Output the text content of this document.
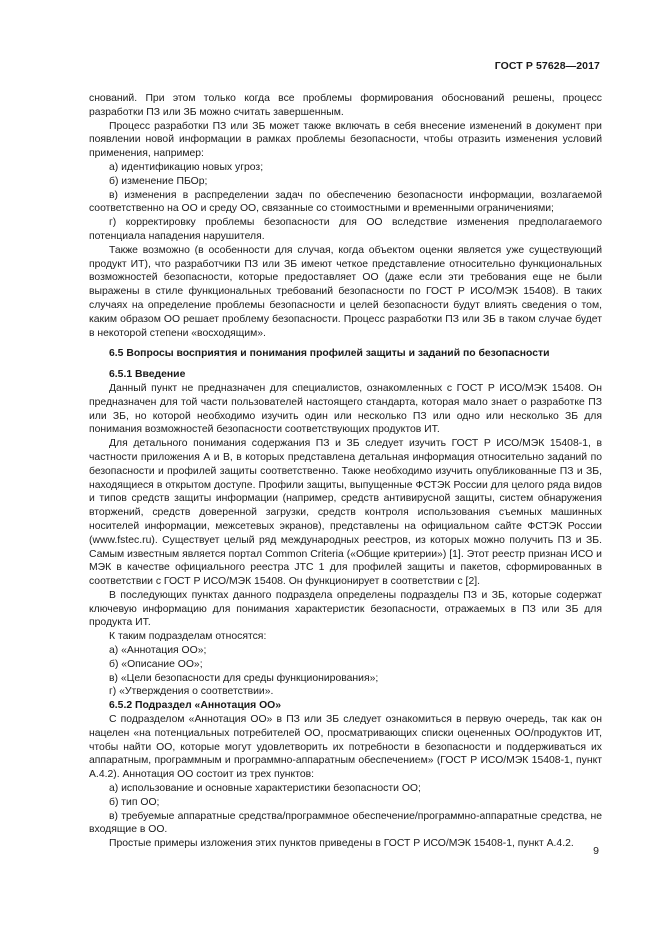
ГОСТ Р 57628—2017

снований. При этом только когда все проблемы формирования обоснований решены, процесс разработки ПЗ или ЗБ можно считать завершенным.

Процесс разработки ПЗ или ЗБ может также включать в себя внесение изменений в документ при появлении новой информации в рамках проблемы безопасности, чтобы отразить изменения условий применения, например:

а) идентификацию новых угроз;

б) изменение ПБОр;

в) изменения в распределении задач по обеспечению безопасности информации, возлагаемой соответственно на ОО и среду ОО, связанные со стоимостными и временными ограничениями;

г) корректировку проблемы безопасности для ОО вследствие изменения предполагаемого потенциала нападения нарушителя.

Также возможно (в особенности для случая, когда объектом оценки является уже существующий продукт ИТ), что разработчики ПЗ или ЗБ имеют четкое представление относительно функциональных возможностей безопасности, которые предоставляет ОО (даже если эти требования еще не были выражены в стиле функциональных требований безопасности по ГОСТ Р ИСО/МЭК 15408). В таких случаях на определение проблемы безопасности и целей безопасности будут влиять сведения о том, каким образом ОО решает проблему безопасности. Процесс разработки ПЗ или ЗБ в таком случае будет в некоторой степени «восходящим».

6.5 Вопросы восприятия и понимания профилей защиты и заданий по безопасности

6.5.1 Введение

Данный пункт не предназначен для специалистов, ознакомленных с ГОСТ Р ИСО/МЭК 15408. Он предназначен для той части пользователей настоящего стандарта, которая мало знает о разработке ПЗ или ЗБ, но которой необходимо изучить один или несколько ПЗ или одно или несколько ЗБ для понимания возможностей безопасности соответствующих продуктов ИТ.

Для детального понимания содержания ПЗ и ЗБ следует изучить ГОСТ Р ИСО/МЭК 15408-1, в частности приложения А и В, в которых представлена детальная информация относительно заданий по безопасности и профилей защиты соответственно. Также необходимо изучить опубликованные ПЗ и ЗБ, находящиеся в открытом доступе. Профили защиты, выпущенные ФСТЭК России для целого ряда видов и типов средств защиты информации (например, средств антивирусной защиты, систем обнаружения вторжений, средств доверенной загрузки, средств контроля использования съемных машинных носителей информации, межсетевых экранов), представлены на официальном сайте ФСТЭК России (www.fstec.ru). Существует целый ряд международных реестров, из которых можно получить ПЗ и ЗБ. Самым известным является портал Common Criteria («Общие критерии») [1]. Этот реестр признан ИСО и МЭК в качестве официального реестра JTC 1 для профилей защиты и пакетов, сформированных в соответствии с ГОСТ Р ИСО/МЭК 15408. Он функционирует в соответствии с [2].

В последующих пунктах данного подраздела определены подразделы ПЗ и ЗБ, которые содержат ключевую информацию для понимания характеристик безопасности, отражаемых в ПЗ или ЗБ для продукта ИТ.

К таким подразделам относятся:

а) «Аннотация ОО»;

б) «Описание ОО»;

в) «Цели безопасности для среды функционирования»;

г) «Утверждения о соответствии».

6.5.2 Подраздел «Аннотация ОО»

С подразделом «Аннотация ОО» в ПЗ или ЗБ следует ознакомиться в первую очередь, так как он нацелен «на потенциальных потребителей ОО, просматривающих списки оцененных ОО/продуктов ИТ, чтобы найти ОО, которые могут удовлетворить их потребности в безопасности и поддерживаться их аппаратным, программным и программно-аппаратным обеспечением» (ГОСТ Р ИСО/МЭК 15408-1, пункт А.4.2). Аннотация ОО состоит из трех пунктов:

а) использование и основные характеристики безопасности ОО;

б) тип ОО;

в) требуемые аппаратные средства/программное обеспечение/программно-аппаратные средства, не входящие в ОО.

Простые примеры изложения этих пунктов приведены в ГОСТ Р ИСО/МЭК 15408-1, пункт А.4.2.

9
